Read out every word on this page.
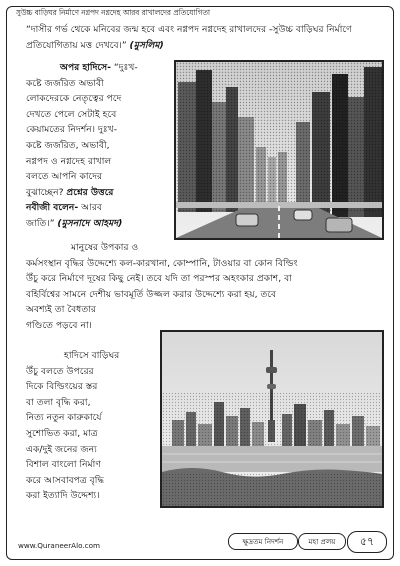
সুউচ্চ বাড়িঘর নির্মাণে নগ্নপদ নগ্নদেহ আরব রাখালদের প্রতিযোগিতা
“দাসীর গর্ভ থেকে মনিবের জন্ম হবে এবং নগ্নপদ নগ্নদেহ রাখালদের -সুউচ্চ বাড়িঘর নির্মাণে প্রতিযোগিতায় মত্ত দেখবে।” (মুসলিম)
অপর হাদিসে- “দুঃখ-
কষ্টে জর্জরিত অভাবী
লোকদেরকে নেতৃত্বের পদে
দেখতে পেলে সেটাই হবে
কেয়ামতের নিদর্শন। দুঃখ-
কষ্টে জর্জরিত, অভাবী,
নগ্নপদ ও নগ্নদেহ রাখাল
বলতে আপনি কাদের
বুঝাচ্ছেন? প্রশ্নের উত্তরে
নবীজী বলেন- আরব
জাতি।” (মুসনাদে আহমদ)
মানুষের উপকার ও
কর্মসংস্থান বৃদ্ধির উদ্দেশ্যে কল-কারখানা, কোম্পানি, টাওয়ার বা কোন বিল্ডিং
উঁচু করে নির্মাণে দূষের কিছু নেই। তবে যদি তা পরস্পর অহংকার প্রকাশ, বা
বহির্বিশ্বের সামনে দেশীয় ভাবমূর্তি উজ্জল করার উদ্দেশ্যে করা হয়, তবে
অবশ্যই তা বৈধতার
গণ্ডিতে পড়বে না।
হাদিসে বাড়িঘর
উঁচু বলতে উপরের
দিকে বিল্ডিংয়ের স্তর
বা তলা বৃদ্ধি করা,
নিত্য নতুন কারুকার্যে
সুশোভিত করা, মাত্র
এক/দুই জনের জন্য
বিশাল বাংলো নির্মাণ
করে আসবাবপত্র বৃদ্ধি
করা ইত্যাদি উদ্দেশ্য।
www.QuraneerAlo.com	ক্ষুদ্রতম নিদর্শন	মহা প্রলয়	৫৭
